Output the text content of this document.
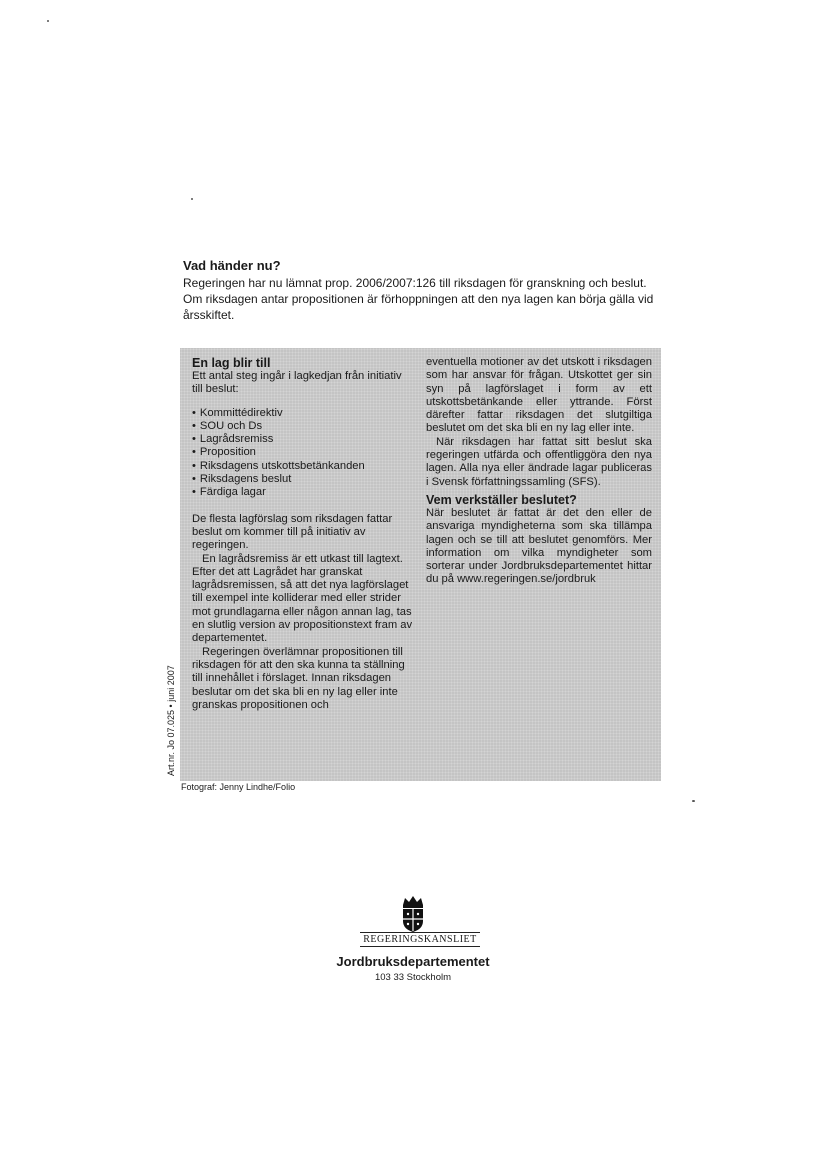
Vad händer nu?

Regeringen har nu lämnat prop. 2006/2007:126 till riksdagen för granskning och beslut. Om riksdagen antar propositionen är förhoppningen att den nya lagen kan börja gälla vid årsskiftet.

En lag blir till

Ett antal steg ingår i lagkedjan från initiativ till beslut:

• Kommittédirektiv
• SOU och Ds
• Lagrådsremiss
• Proposition
• Riksdagens utskottsbetänkanden
• Riksdagens beslut
• Färdiga lagar

De flesta lagförslag som riksdagen fattar beslut om kommer till på initiativ av regeringen.

En lagrådsremiss är ett utkast till lagtext. Efter det att Lagrådet har granskat lagrådsremissen, så att det nya lagförslaget till exempel inte kolliderar med eller strider mot grundlagarna eller någon annan lag, tas en slutlig version av propositionstext fram av departementet.

Regeringen överlämnar propositionen till riksdagen för att den ska kunna ta ställning till innehållet i förslaget. Innan riksdagen beslutar om det ska bli en ny lag eller inte granskas propositionen och

eventuella motioner av det utskott i riksdagen som har ansvar för frågan. Utskottet ger sin syn på lagförslaget i form av ett utskottsbetänkande eller yttrande. Först därefter fattar riksdagen det slutgiltiga beslutet om det ska bli en ny lag eller inte.

När riksdagen har fattat sitt beslut ska regeringen utfärda och offentliggöra den nya lagen. Alla nya eller ändrade lagar publiceras i Svensk författningssamling (SFS).

Vem verkställer beslutet?

När beslutet är fattat är det den eller de ansvariga myndigheterna som ska tillämpa lagen och se till att beslutet genomförs. Mer information om vilka myndigheter som sorterar under Jordbruksdepartementet hittar du på www.regeringen.se/jordbruk

Art.nr. Jo 07.025 • juni 2007
Fotograf: Jenny Lindhe/Folio
REGERINGSKANSLIET
Jordbruksdepartementet
103 33 Stockholm
